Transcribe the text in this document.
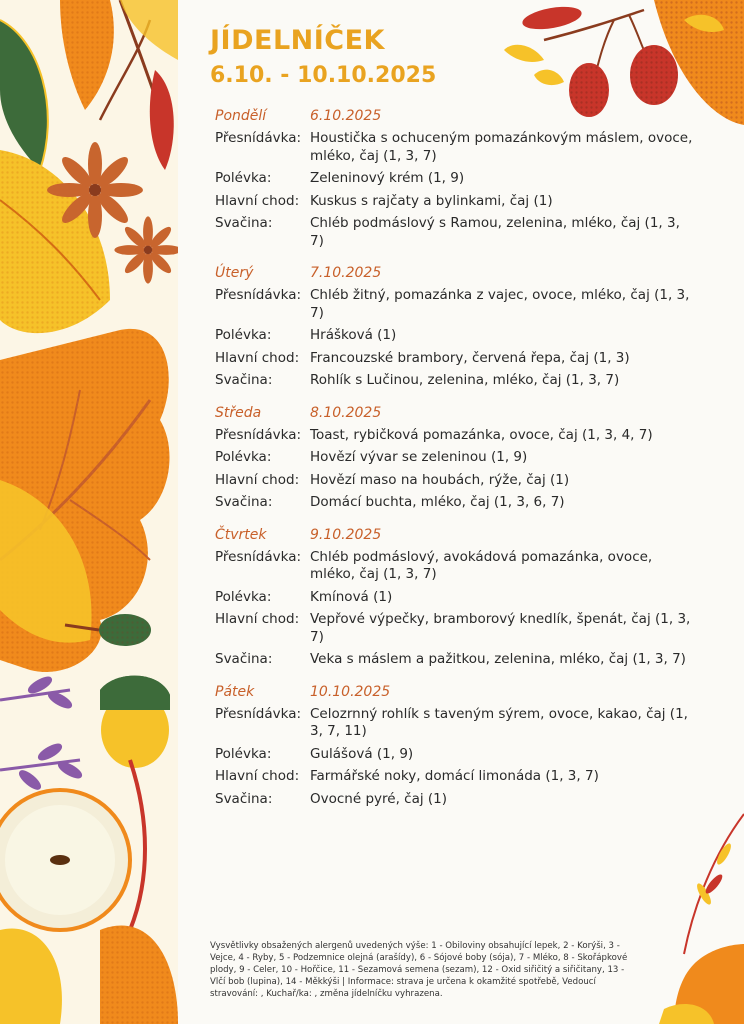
JÍDELNÍČEK
6.10. - 10.10.2025
Pondělí	6.10.2025
Přesnídávka: Houstička s ochuceným pomazánkovým máslem, ovoce, mléko, čaj (1, 3, 7)
Polévka:	Zeleninový krém (1, 9)
Hlavní chod: Kuskus s rajčaty a bylinkami, čaj (1)
Svačina:	Chléb podmáslový s Ramou, zelenina, mléko, čaj (1, 3, 7)
Úterý	7.10.2025
Přesnídávka: Chléb žitný, pomazánka z vajec, ovoce, mléko, čaj (1, 3, 7)
Polévka:	Hrášková (1)
Hlavní chod: Francouzské brambory, červená řepa, čaj (1, 3)
Svačina:	Rohlík s Lučinou, zelenina, mléko, čaj (1, 3, 7)
Středa	8.10.2025
Přesnídávka: Toast, rybičková pomazánka, ovoce, čaj (1, 3, 4, 7)
Polévka:	Hovězí vývar se zeleninou (1, 9)
Hlavní chod: Hovězí maso na houbách, rýže, čaj (1)
Svačina:	Domácí buchta, mléko, čaj (1, 3, 6, 7)
Čtvrtek	9.10.2025
Přesnídávka: Chléb podmáslový, avokádová pomazánka, ovoce, mléko, čaj (1, 3, 7)
Polévka:	Kmínová (1)
Hlavní chod: Vepřové výpečky, bramborový knedlík, špenát, čaj (1, 3, 7)
Svačina:	Veka s máslem a pažitkou, zelenina, mléko, čaj (1, 3, 7)
Pátek	10.10.2025
Přesnídávka: Celozrnný rohlík s taveným sýrem, ovoce, kakao, čaj (1, 3, 7, 11)
Polévka:	Gulášová (1, 9)
Hlavní chod: Farmářské noky, domácí limonáda (1, 3, 7)
Svačina:	Ovocné pyré, čaj (1)
Vysvětlivky obsažených alergenů uvedených výše: 1 - Obiloviny obsahující lepek, 2 - Korýši, 3 - Vejce, 4 - Ryby, 5 - Podzemnice olejná (arašídy), 6 - Sójové boby (sója), 7 - Mléko, 8 - Skořápkové plody, 9 - Celer, 10 - Hořčice, 11 - Sezamová semena (sezam), 12 - Oxid siřičitý a siřičitany, 13 - Vlčí bob (lupina), 14 - Měkkýši | Informace: strava je určena k okamžité spotřebě, Vedoucí stravování: , Kuchař/ka: , změna jídelníčku vyhrazena.
